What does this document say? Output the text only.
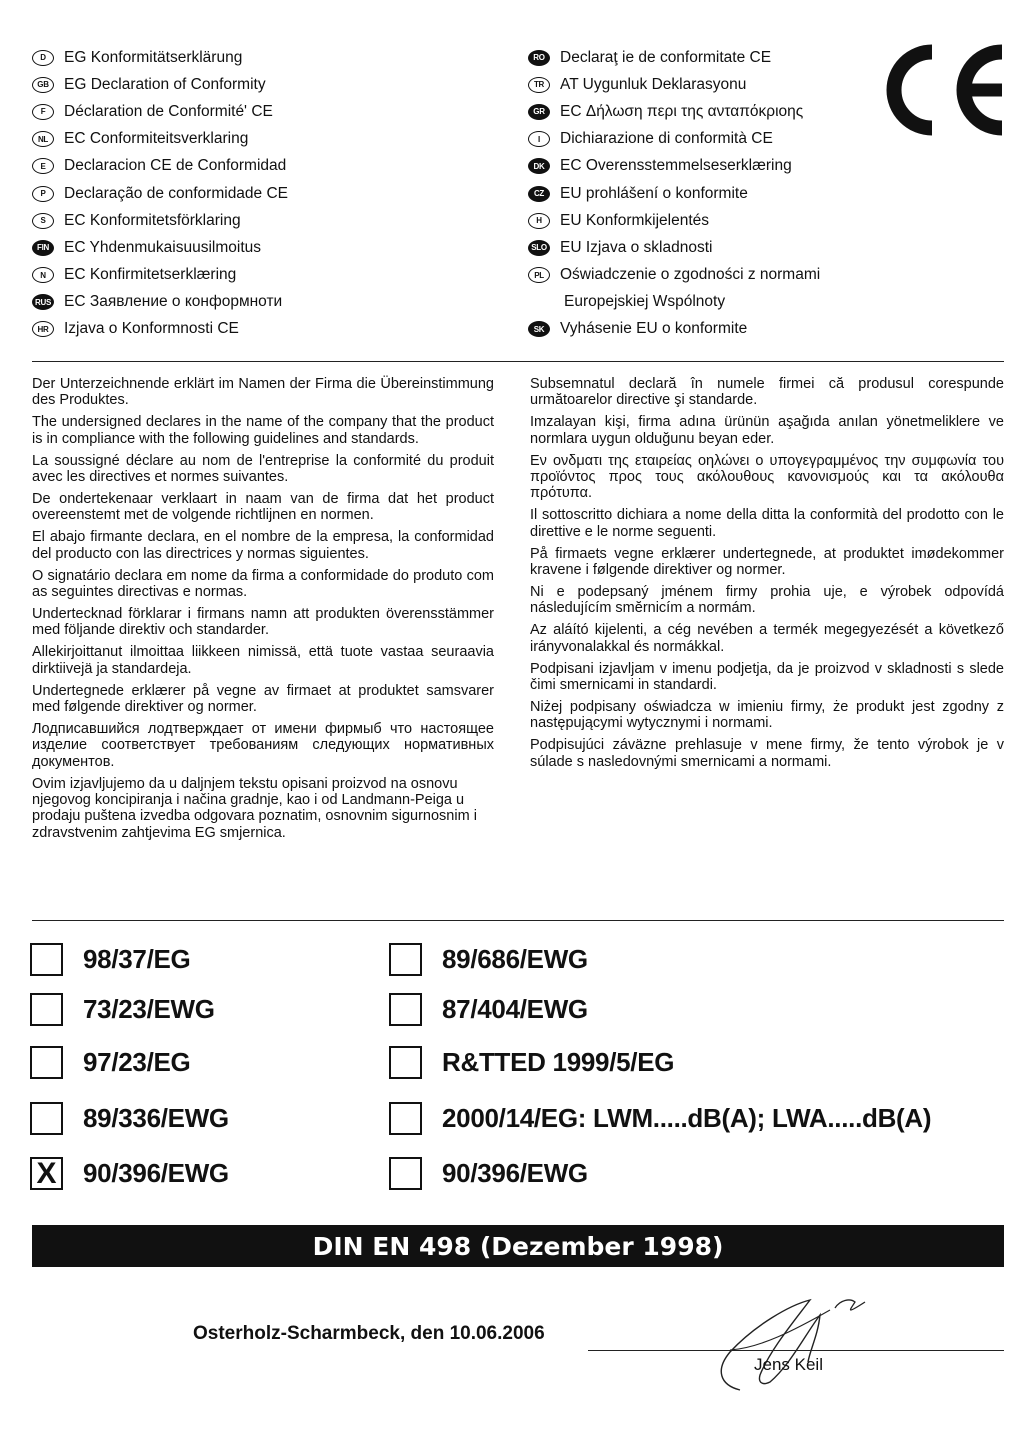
D	EG Konformitätserklärung
GB EG Declaration of Conformity
F	Déclaration de Conformité' CE
NL	EC Conformiteitsverklaring
E	Declaracion CE de Conformidad
P	Declaração de conformidade CE
S	EC Konformitetsförklaring
FIN EC Yhdenmukaisuusilmoitus
N	EC Konfirmitetserklæring
RUS ЕС Заявление о конформноти
HR	Izjava o Konformnosti CE
RO Declaraţ ie de conformitate CE
TR	AT Uygunluk Deklarasyonu
GR EC Δήλωση περι της ανταπόκριοης
I	Dichiarazione di conformità CE
DK	EC Overensstemmelseserklæring
CZ	EU prohlášení o konformite
H	EU Konformkijelentés
SLO EU Izjava o skladnosti
PL	Oświadczenie o zgodności z normami
Europejskiej Wspólnoty
SK	Vyhásenie EU o konformite

Der Unterzeichnende erklärt im Namen der Firma die Übereinstimmung des Produktes.

The undersigned declares in the name of the company that the product is in compliance with the following guidelines and standards.

La soussigné déclare au nom de l'entreprise la conformité du produit avec les directives et normes suivantes.

De ondertekenaar verklaart in naam van de firma dat het product overeenstemt met de volgende richtlijnen en normen.

El abajo firmante declara, en el nombre de la empresa, la conformidad del producto con las directrices y normas siguientes.

O signatário declara em nome da firma a conformidade do produto com as seguintes directivas e normas.

Undertecknad förklarar i firmans namn att produkten överensstämmer med följande direktiv och standarder.

Allekirjoittanut ilmoittaa liikkeen nimissä, että tuote vastaa seuraavia dirktiivejä ja standardeja.

Undertegnede erklærer på vegne av firmaet at produktet samsvarer med følgende direktiver og normer.

Лодписавшийся лодтверждает от имени фирмыб что настоящее изделие соответствует требованиям следующих нормативных документов.

Ovim izjavljujemo da u daljnjem tekstu opisani proizvod na osnovu njegovog koncipiranja i načina gradnje, kao i od Landmann-Peiga u prodaju puštena izvedba odgovara poznatim, osnovnim sigurnosnim i zdravstvenim zahtjevima EG smjernica.

Subsemnatul declară în numele firmei că produsul corespunde următoarelor directive şi standarde.

Imzalayan kişi, firma adına ürünün aşağıda anılan yönetmeliklere ve normlara uygun olduğunu beyan eder.

Εν ονδματι της εταιρείας οηλώνει ο υπογεγραμμένος την συμφωνία του προϊόντος προς τους ακόλουθους κανονισμούς και τα ακόλουθα πρότυπα.

Il sottoscritto dichiara a nome della ditta la conformità del prodotto con le direttive e le norme seguenti.

På firmaets vegne erklærer undertegnede, at produktet imødekommer kravene i følgende direktiver og normer.

Ni e podepsaný jménem firmy prohia uje, e výrobek odpovídá následujícím smĕrnicím a normám.

Az aláító kijelenti, a cég nevében a termék megegyezését a következő irányvonalakkal és normákkal.

Podpisani izjavljam v imenu podjetja, da je proizvod v skladnosti s slede čimi smernicami in standardi.

Niżej podpisany oświadcza w imieniu firmy, że produkt jest zgodny z następującymi wytycznymi i normami.

Podpisujúci záväzne prehlasuje v mene firmy, že tento výrobok je v súlade s nasledovnými smernicami a normami.

98/37/EG
73/23/EWG
97/23/EG
89/336/EWG
X 90/396/EWG
89/686/EWG
87/404/EWG
R&TTED 1999/5/EG
2000/14/EG: LWM.....dB(A); LWA.....dB(A)
90/396/EWG
DIN EN 498 (Dezember 1998)
Osterholz-Scharmbeck, den 10.06.2006
Jens Keil
